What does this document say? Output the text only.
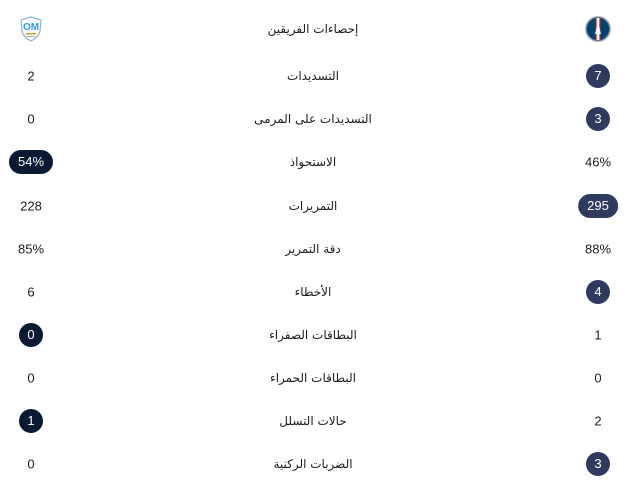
OM	إحصاءات الفريقين
2	التسديدات	7
0	التسديدات على المرمى	3
54%	الاستحواذ	46%
228	التمريرات	295
85%	دقة التمرير	88%
6	الأخطاء	4
0	البطاقات الصفراء	1
0	البطاقات الحمراء	0
1	حالات التسلل	2
0	الضربات الركنية	3
